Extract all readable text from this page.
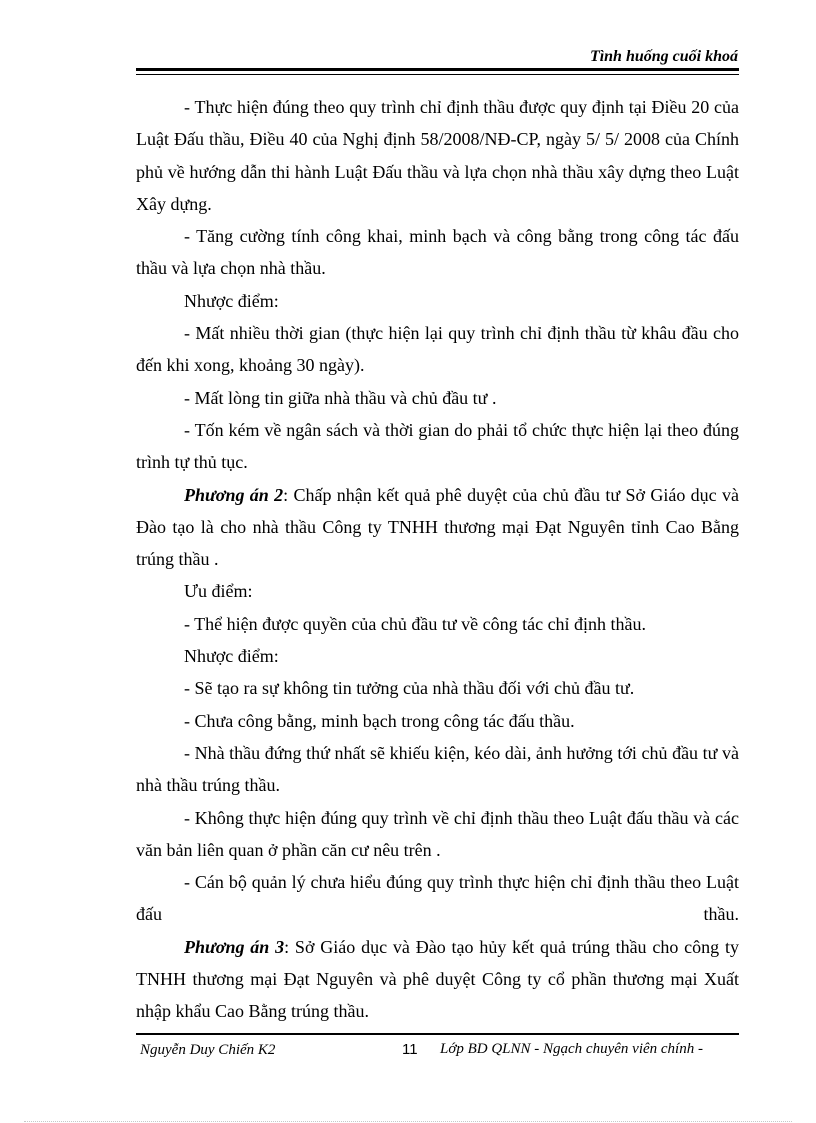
Tình huống cuối khoá

- Thực hiện đúng theo quy trình chỉ định thầu được quy định tại Điều 20 của Luật Đấu thầu, Điều 40 của Nghị định 58/2008/NĐ-CP, ngày 5/ 5/ 2008 của Chính phủ về hướng dẫn thi hành Luật Đấu thầu và lựa chọn nhà thầu xây dựng theo Luật Xây dựng.

- Tăng cường tính công khai, minh bạch và công bằng trong công tác đấu thầu và lựa chọn nhà thầu.

Nhược điểm:

- Mất nhiều thời gian (thực hiện lại quy trình chỉ định thầu từ khâu đầu cho đến khi xong, khoảng 30 ngày).

- Mất lòng tin giữa nhà thầu và chủ đầu tư .

- Tốn kém về ngân sách và thời gian do phải tổ chức thực hiện lại theo đúng trình tự thủ tục.

Phương án 2: Chấp nhận kết quả phê duyệt của chủ đầu tư Sở Giáo dục và Đào tạo là cho nhà thầu Công ty TNHH thương mại Đạt Nguyên tỉnh Cao Bằng trúng thầu .

Ưu điểm:

- Thể hiện được quyền của chủ đầu tư về công tác chỉ định thầu.

Nhược điểm:

- Sẽ tạo ra sự không tin tưởng của nhà thầu đối với chủ đầu tư.

- Chưa công bằng, minh bạch trong công tác đấu thầu.

- Nhà thầu đứng thứ nhất sẽ khiếu kiện, kéo dài, ảnh hưởng tới chủ đầu tư và nhà thầu trúng thầu.

- Không thực hiện đúng quy trình về chỉ định thầu theo Luật đấu thầu và các văn bản liên quan ở phần căn cư nêu trên .

- Cán bộ quản lý chưa hiểu đúng quy trình thực hiện chỉ định thầu theo Luật đấu thầu.

Phương án 3: Sở Giáo dục và Đào tạo hủy kết quả trúng thầu cho công ty TNHH thương mại Đạt Nguyên và phê duyệt Công ty cổ phần thương mại Xuất nhập khẩu Cao Bằng trúng thầu.

Nguyễn Duy Chiến K2	11 Lớp BD QLNN - Ngạch chuyên viên chính -
